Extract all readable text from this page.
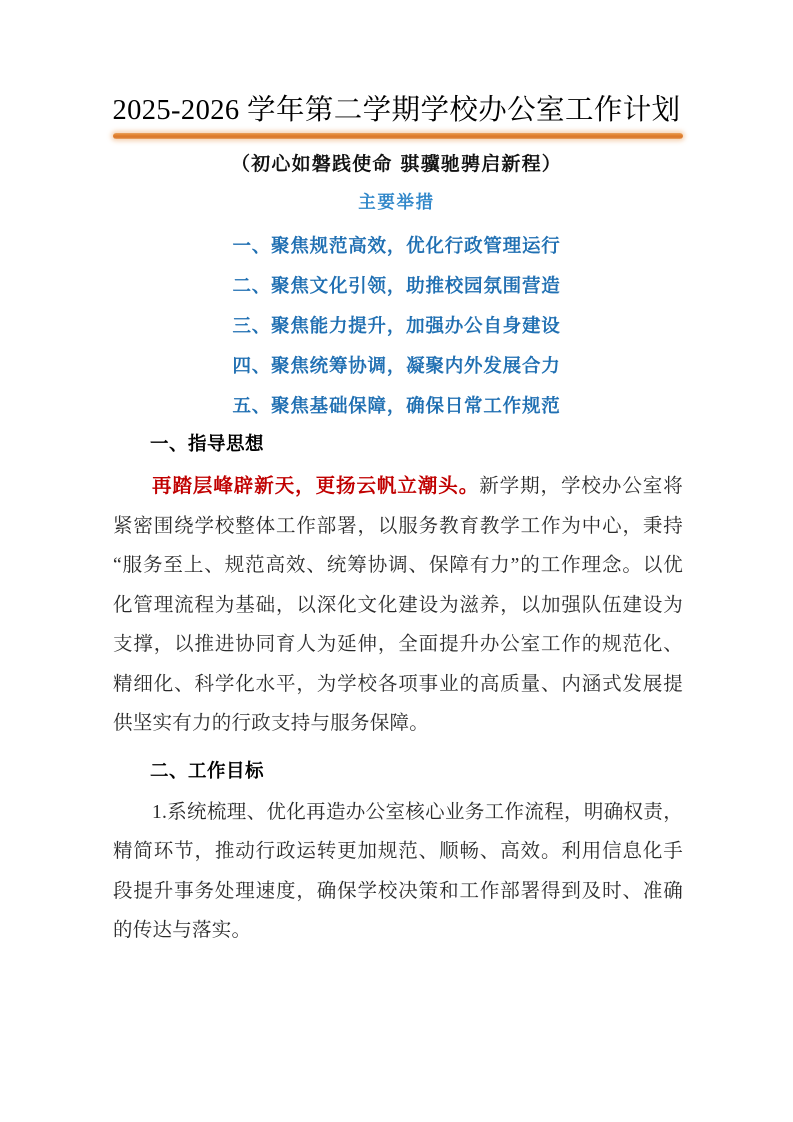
2025-2026 学年第二学期学校办公室工作计划
（初心如磐践使命 骐骥驰骋启新程）
主要举措
一、聚焦规范高效，优化行政管理运行
二、聚焦文化引领，助推校园氛围营造
三、聚焦能力提升，加强办公自身建设
四、聚焦统筹协调，凝聚内外发展合力
五、聚焦基础保障，确保日常工作规范
一、指导思想

再踏层峰辟新天，更扬云帆立潮头。新学期，学校办公室将紧密围绕学校整体工作部署，以服务教育教学工作为中心，秉持“服务至上、规范高效、统筹协调、保障有力”的工作理念。以优化管理流程为基础，以深化文化建设为滋养，以加强队伍建设为支撑，以推进协同育人为延伸，全面提升办公室工作的规范化、精细化、科学化水平，为学校各项事业的高质量、内涵式发展提供坚实有力的行政支持与服务保障。

二、工作目标

1.系统梳理、优化再造办公室核心业务工作流程，明确权责，精简环节，推动行政运转更加规范、顺畅、高效。利用信息化手段提升事务处理速度，确保学校决策和工作部署得到及时、准确的传达与落实。
